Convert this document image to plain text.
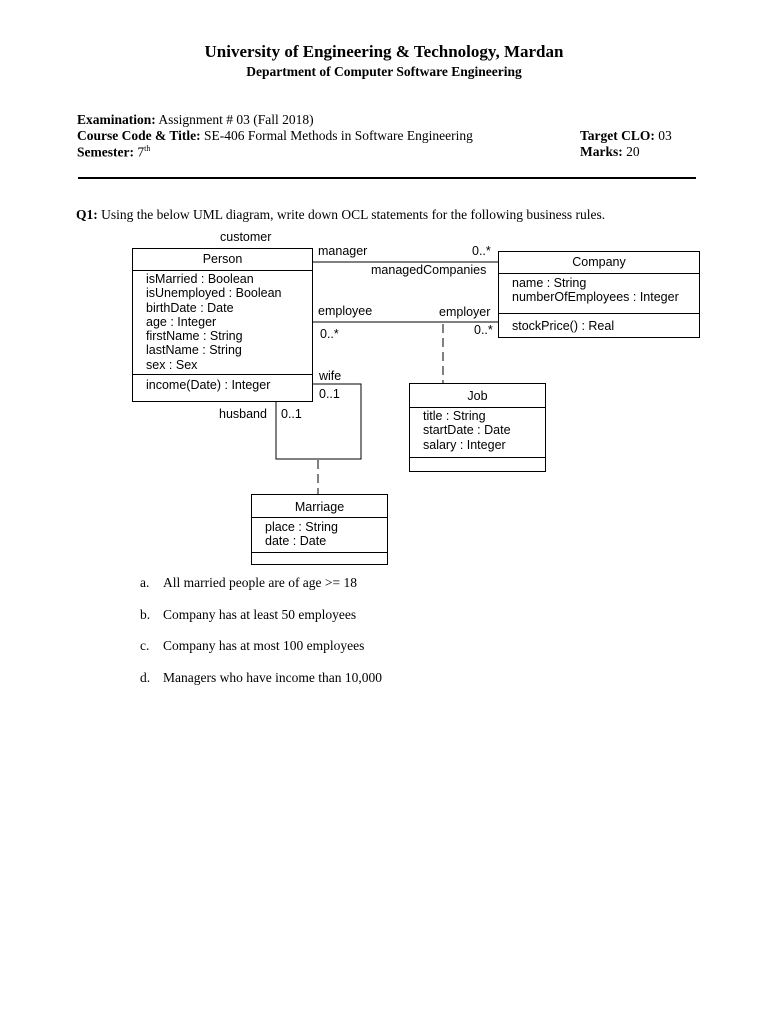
University of Engineering & Technology, Mardan
Department of Computer Software Engineering
Examination: Assignment # 03 (Fall 2018)
Course Code & Title: SE-406 Formal Methods in Software Engineering
Semester: 7th
Target CLO: 03
Marks: 20
Q1: Using the below UML diagram, write down OCL statements for the following business rules.
Person
isMarried : Boolean
isUnemployed : Boolean
birthDate : Date
age : Integer
firstName : String
lastName : String
sex : Sex
income(Date) : Integer
Company
name : String
numberOfEmployees : Integer
stockPrice() : Real
Job
title : String
startDate : Date
salary : Integer
Marriage
place : String
date : Date
customer
manager	0..*
managedCompanies
employee	employer
0..*	0..*
wife
0..1
husband 0..1
a. All married people are of age >= 18
b. Company has at least 50 employees
c. Company has at most 100 employees
d. Managers who have income than 10,000
